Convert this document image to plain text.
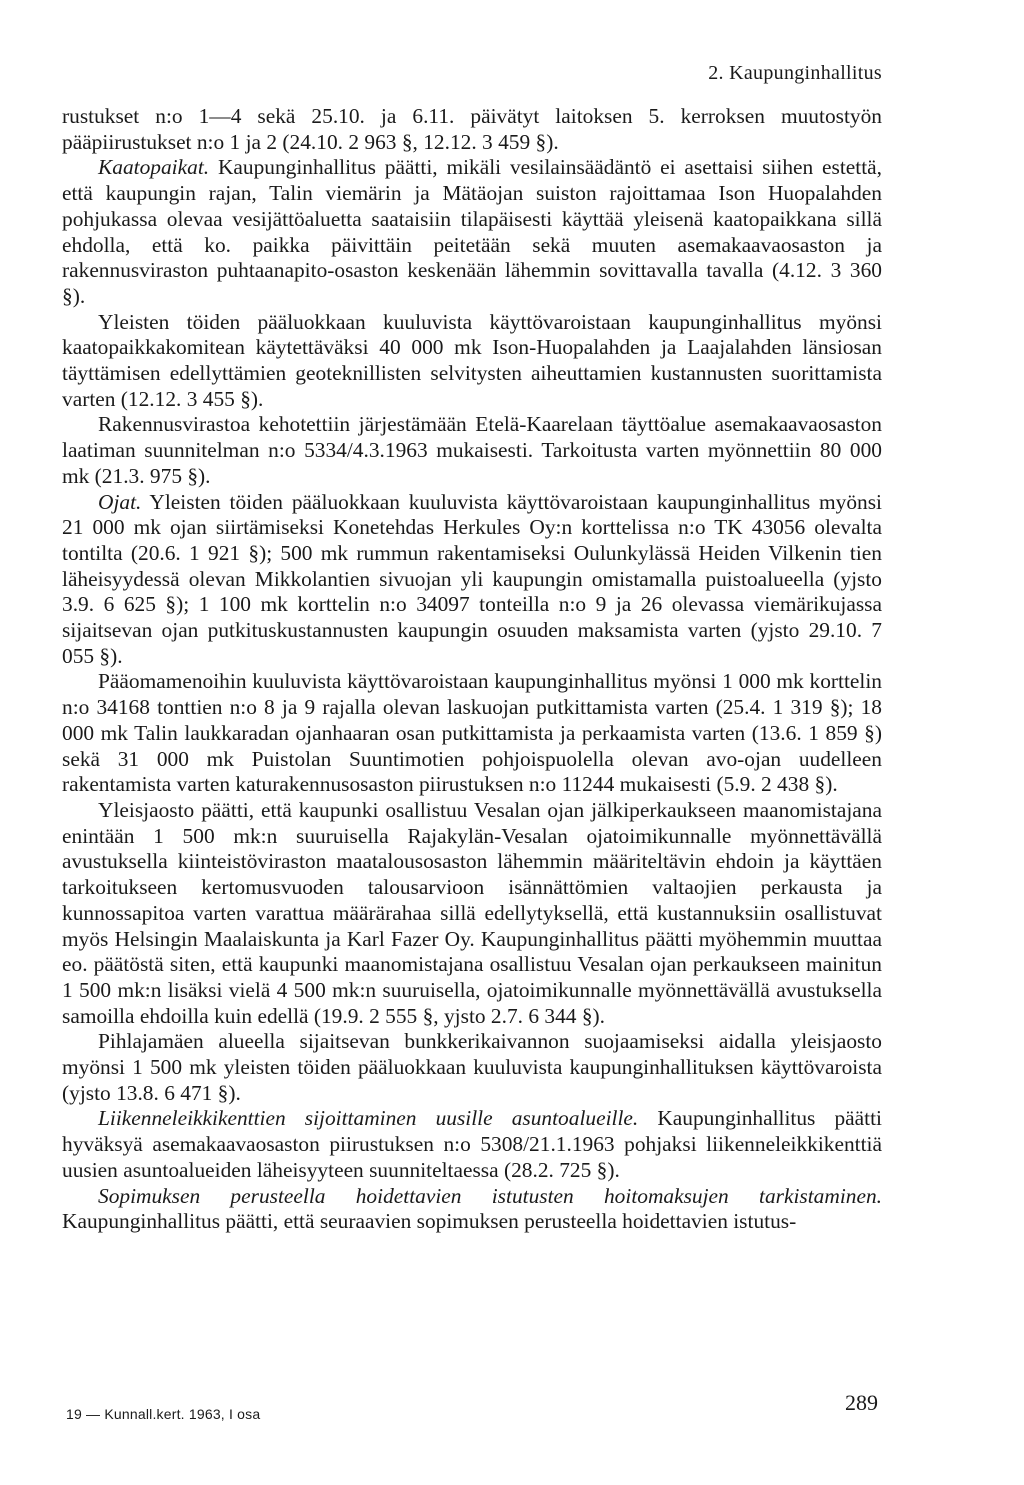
2. Kaupunginhallitus

rustukset n:o 1—4 sekä 25.10. ja 6.11. päivätyt laitoksen 5. kerroksen muutostyön pääpiirustukset n:o 1 ja 2 (24.10. 2 963 §, 12.12. 3 459 §).

Kaatopaikat. Kaupunginhallitus päätti, mikäli vesilainsäädäntö ei asettaisi siihen estettä, että kaupungin rajan, Talin viemärin ja Mätäojan suiston rajoittamaa Ison Huopalahden pohjukassa olevaa vesijättöaluetta saataisiin tilapäisesti käyttää yleisenä kaatopaikkana sillä ehdolla, että ko. paikka päivittäin peitetään sekä muuten asemakaavaosaston ja rakennusviraston puhtaanapito-osaston keskenään lähemmin sovittavalla tavalla (4.12. 3 360 §).

Yleisten töiden pääluokkaan kuuluvista käyttövaroistaan kaupunginhallitus myönsi kaatopaikkakomitean käytettäväksi 40 000 mk Ison-Huopalahden ja Laajalahden länsiosan täyttämisen edellyttämien geoteknillisten selvitysten aiheuttamien kustannusten suorittamista varten (12.12. 3 455 §).

Rakennusvirastoa kehotettiin järjestämään Etelä-Kaarelaan täyttöalue asemakaavaosaston laatiman suunnitelman n:o 5334/4.3.1963 mukaisesti. Tarkoitusta varten myönnettiin 80 000 mk (21.3. 975 §).

Ojat. Yleisten töiden pääluokkaan kuuluvista käyttövaroistaan kaupunginhallitus myönsi 21 000 mk ojan siirtämiseksi Konetehdas Herkules Oy:n korttelissa n:o TK 43056 olevalta tontilta (20.6. 1 921 §); 500 mk rummun rakentamiseksi Oulunkylässä Heiden Vilkenin tien läheisyydessä olevan Mikkolantien sivuojan yli kaupungin omistamalla puistoalueella (yjsto 3.9. 6 625 §); 1 100 mk korttelin n:o 34097 tonteilla n:o 9 ja 26 olevassa viemärikujassa sijaitsevan ojan putkituskustannusten kaupungin osuuden maksamista varten (yjsto 29.10. 7 055 §).

Pääomamenoihin kuuluvista käyttövaroistaan kaupunginhallitus myönsi 1 000 mk korttelin n:o 34168 tonttien n:o 8 ja 9 rajalla olevan laskuojan putkittamista varten (25.4. 1 319 §); 18 000 mk Talin laukkaradan ojanhaaran osan putkittamista ja perkaamista varten (13.6. 1 859 §) sekä 31 000 mk Puistolan Suuntimotien pohjoispuolella olevan avo-ojan uudelleen rakentamista varten katurakennusosaston piirustuksen n:o 11244 mukaisesti (5.9. 2 438 §).

Yleisjaosto päätti, että kaupunki osallistuu Vesalan ojan jälkiperkaukseen maanomistajana enintään 1 500 mk:n suuruisella Rajakylän-Vesalan ojatoimikunnalle myönnettävällä avustuksella kiinteistöviraston maatalousosaston lähemmin määriteltävin ehdoin ja käyttäen tarkoitukseen kertomusvuoden talousarvioon isännättömien valtaojien perkausta ja kunnossapitoa varten varattua määrärahaa sillä edellytyksellä, että kustannuksiin osallistuvat myös Helsingin Maalaiskunta ja Karl Fazer Oy. Kaupunginhallitus päätti myöhemmin muuttaa eo. päätöstä siten, että kaupunki maanomistajana osallistuu Vesalan ojan perkaukseen mainitun 1 500 mk:n lisäksi vielä 4 500 mk:n suuruisella, ojatoimikunnalle myönnettävällä avustuksella samoilla ehdoilla kuin edellä (19.9. 2 555 §, yjsto 2.7. 6 344 §).

Pihlajamäen alueella sijaitsevan bunkkerikaivannon suojaamiseksi aidalla yleisjaosto myönsi 1 500 mk yleisten töiden pääluokkaan kuuluvista kaupunginhallituksen käyttövaroista (yjsto 13.8. 6 471 §).

Liikenneleikkikenttien sijoittaminen uusille asuntoalueille. Kaupunginhallitus päätti hyväksyä asemakaavaosaston piirustuksen n:o 5308/21.1.1963 pohjaksi liikenneleikkikenttiä uusien asuntoalueiden läheisyyteen suunniteltaessa (28.2. 725 §).

Sopimuksen perusteella hoidettavien istutusten hoitomaksujen tarkistaminen. Kaupunginhallitus päätti, että seuraavien sopimuksen perusteella hoidettavien istutus-

19 — Kunnall.kert. 1963, I osa	289
